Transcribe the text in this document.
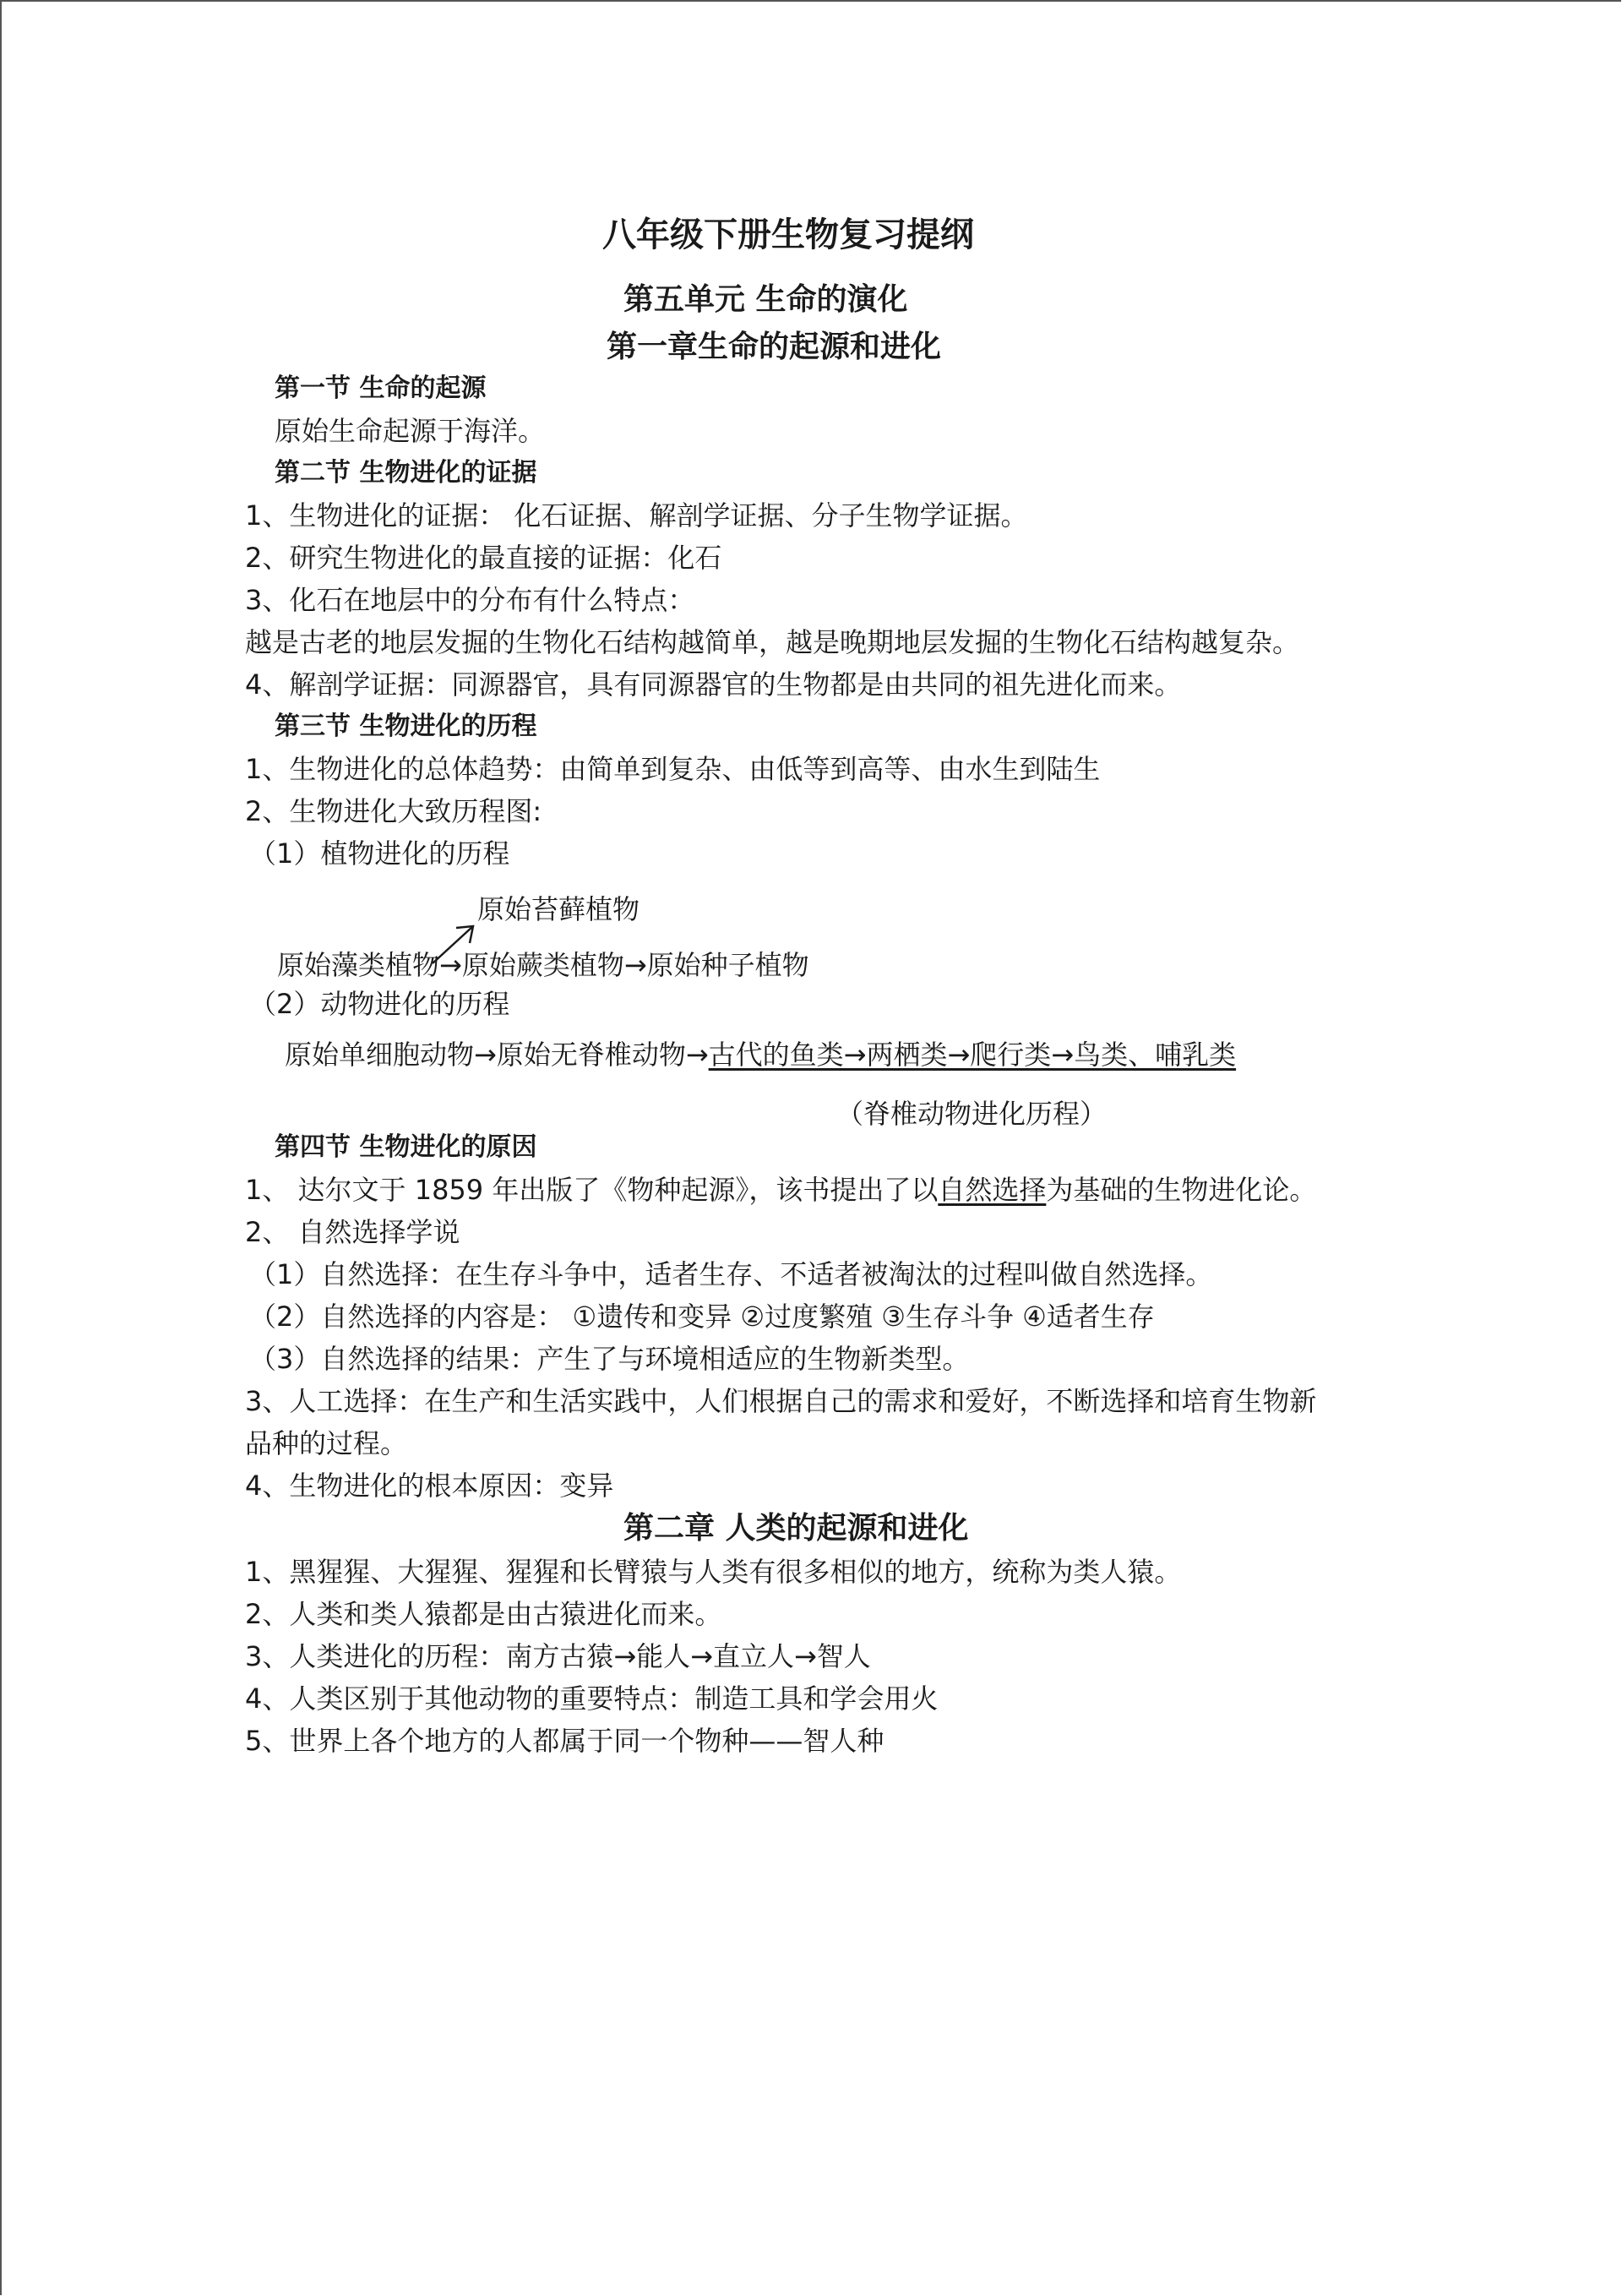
八年级下册生物复习提纲
第五单元 生命的演化
第一章生命的起源和进化
第一节 生命的起源
原始生命起源于海洋。
第二节 生物进化的证据
1、生物进化的证据： 化石证据、解剖学证据、分子生物学证据。
2、研究生物进化的最直接的证据：化石
3、化石在地层中的分布有什么特点：
越是古老的地层发掘的生物化石结构越简单，越是晚期地层发掘的生物化石结构越复杂。
4、解剖学证据：同源器官，具有同源器官的生物都是由共同的祖先进化而来。
第三节 生物进化的历程
1、生物进化的总体趋势：由简单到复杂、由低等到高等、由水生到陆生
2、生物进化大致历程图:
（1）植物进化的历程
原始苔藓植物
原始藻类植物→原始蕨类植物→原始种子植物
（2）动物进化的历程
原始单细胞动物→原始无脊椎动物→古代的鱼类→两栖类→爬行类→鸟类、哺乳类
（脊椎动物进化历程）
第四节 生物进化的原因
1、 达尔文于 1859 年出版了《物种起源》，该书提出了以自然选择为基础的生物进化论。
2、 自然选择学说
（1）自然选择：在生存斗争中，适者生存、不适者被淘汰的过程叫做自然选择。
（2）自然选择的内容是： ①遗传和变异 ②过度繁殖 ③生存斗争 ④适者生存
（3）自然选择的结果：产生了与环境相适应的生物新类型。
3、人工选择：在生产和生活实践中，人们根据自己的需求和爱好，不断选择和培育生物新
品种的过程。
4、生物进化的根本原因：变异
第二章 人类的起源和进化
1、黑猩猩、大猩猩、猩猩和长臂猿与人类有很多相似的地方，统称为类人猿。
2、人类和类人猿都是由古猿进化而来。
3、人类进化的历程：南方古猿→能人→直立人→智人
4、人类区别于其他动物的重要特点：制造工具和学会用火
5、世界上各个地方的人都属于同一个物种——智人种
